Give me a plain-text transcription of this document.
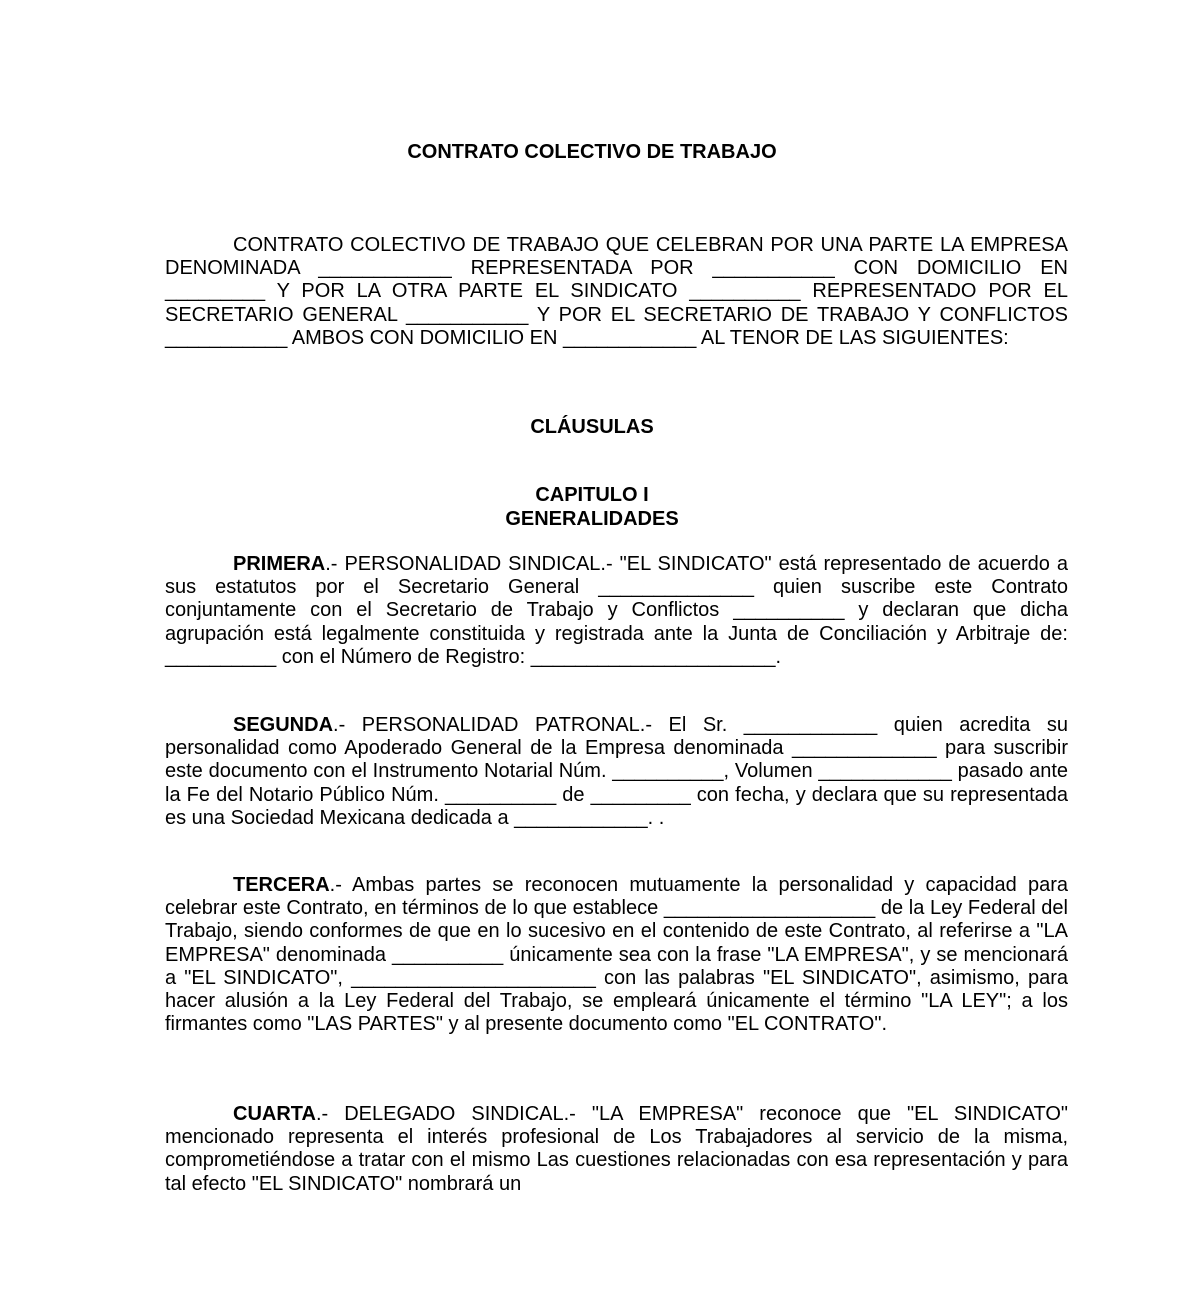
CONTRATO COLECTIVO DE TRABAJO

CONTRATO COLECTIVO DE TRABAJO QUE CELEBRAN POR UNA PARTE LA EMPRESA DENOMINADA ____________ REPRESENTADA POR ___________ CON DOMICILIO EN _________ Y POR LA OTRA PARTE EL SINDICATO __________ REPRESENTADO POR EL SECRETARIO GENERAL ___________ Y POR EL SECRETARIO DE TRABAJO Y CONFLICTOS ___________ AMBOS CON DOMICILIO EN ____________ AL TENOR DE LAS SIGUIENTES:

CLÁUSULAS
CAPITULO I
GENERALIDADES

PRIMERA.- PERSONALIDAD SINDICAL.- "EL SINDICATO" está representado de acuerdo a sus estatutos por el Secretario General ______________ quien suscribe este Contrato conjuntamente con el Secretario de Trabajo y Conflictos __________ y declaran que dicha agrupación está legalmente constituida y registrada ante la Junta de Conciliación y Arbitraje de: __________ con el Número de Registro: ______________________.

SEGUNDA.- PERSONALIDAD PATRONAL.- El Sr. ____________ quien acredita su personalidad como Apoderado General de la Empresa denominada _____________ para suscribir este documento con el Instrumento Notarial Núm. __________, Volumen ____________ pasado ante la Fe del Notario Público Núm. __________ de _________ con fecha, y declara que su representada es una Sociedad Mexicana dedicada a ____________. .

TERCERA.- Ambas partes se reconocen mutuamente la personalidad y capacidad para celebrar este Contrato, en términos de lo que establece ___________________ de la Ley Federal del Trabajo, siendo conformes de que en lo sucesivo en el contenido de este Contrato, al referirse a "LA EMPRESA" denominada __________ únicamente sea con la frase "LA EMPRESA", y se mencionará a "EL SINDICATO", ______________________ con las palabras "EL SINDICATO", asimismo, para hacer alusión a la Ley Federal del Trabajo, se empleará únicamente el término "LA LEY"; a los firmantes como "LAS PARTES" y al presente documento como "EL CONTRATO".

CUARTA.- DELEGADO SINDICAL.- "LA EMPRESA" reconoce que "EL SINDICATO" mencionado representa el interés profesional de Los Trabajadores al servicio de la misma, comprometiéndose a tratar con el mismo Las cuestiones relacionadas con esa representación y para tal efecto "EL SINDICATO" nombrará un
